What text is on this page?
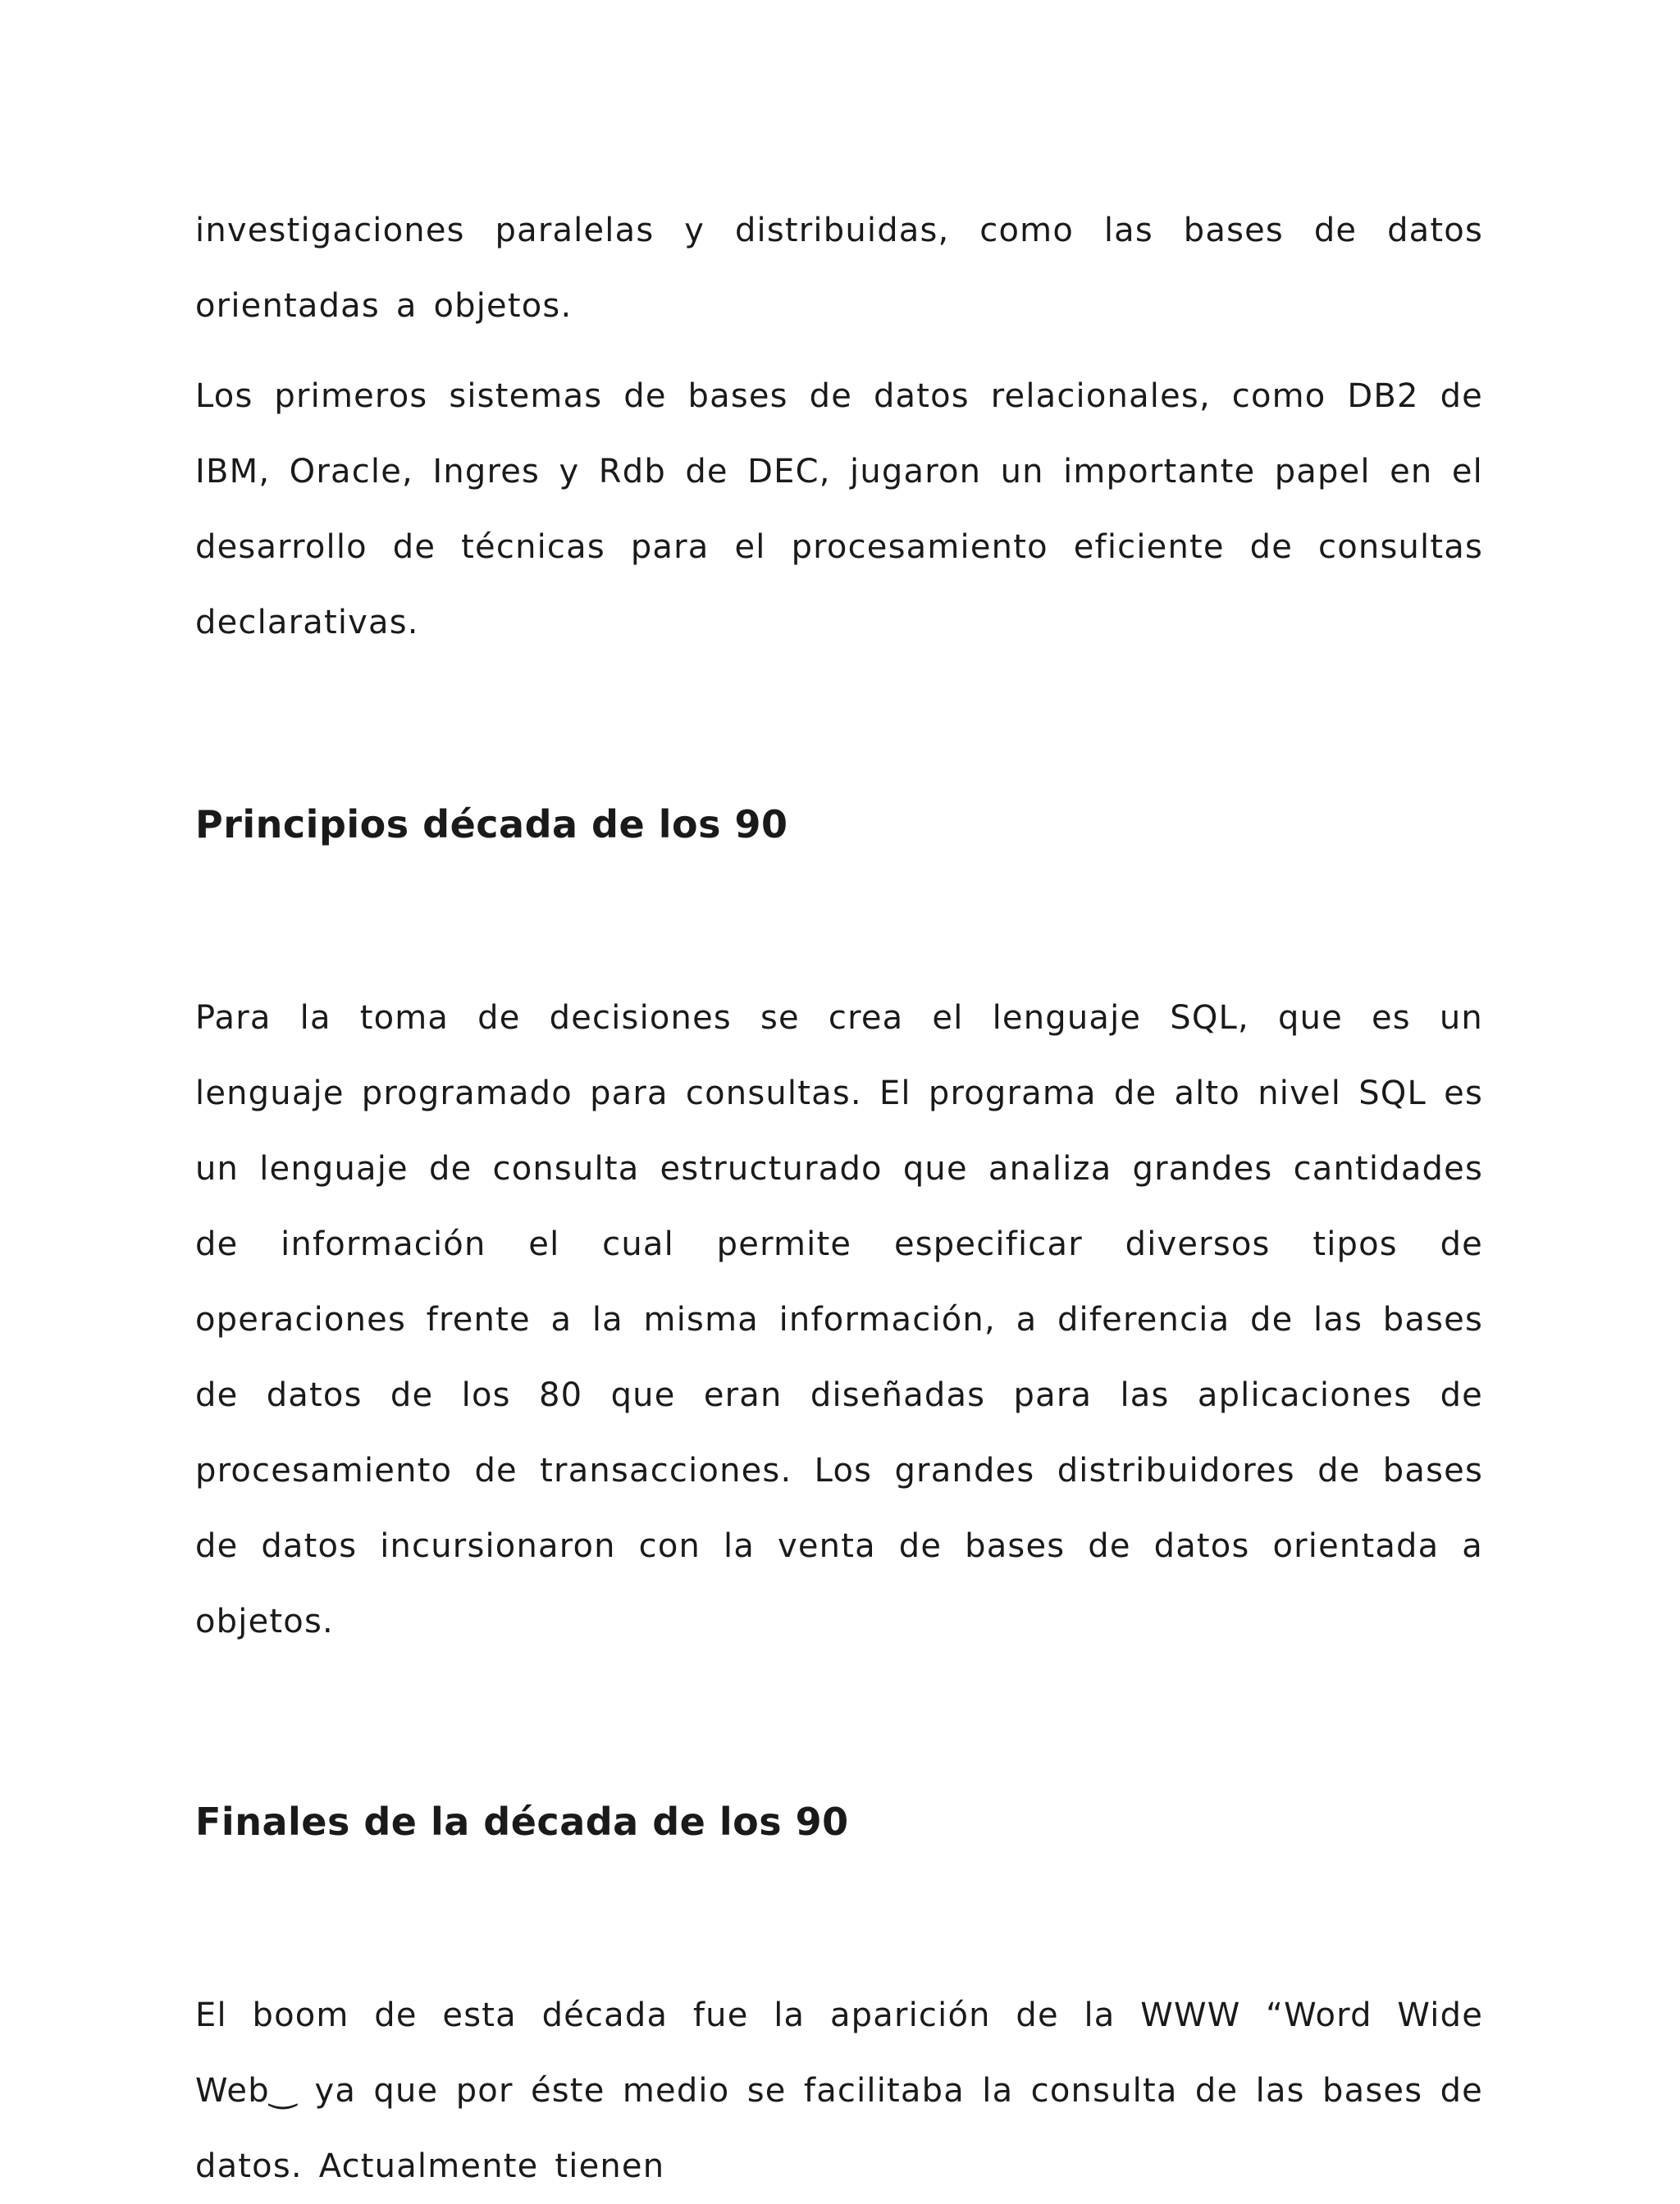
investigaciones paralelas y distribuidas, como las bases de datos orientadas a objetos.

Los primeros sistemas de bases de datos relacionales, como DB2 de IBM, Oracle, Ingres y Rdb de DEC, jugaron un importante papel en el desarrollo de técnicas para el procesamiento eficiente de consultas declarativas.

Principios década de los 90

Para la toma de decisiones se crea el lenguaje SQL, que es un lenguaje programado para consultas. El programa de alto nivel SQL es un lenguaje de consulta estructurado que analiza grandes cantidades de información el cual permite especificar diversos tipos de operaciones frente a la misma información, a diferencia de las bases de datos de los 80 que eran diseñadas para las aplicaciones de procesamiento de transacciones. Los grandes distribuidores de bases de datos incursionaron con la venta de bases de datos orientada a objetos.

Finales de la década de los 90

El boom de esta década fue la aparición de la WWW “Word Wide Web‿ ya que por éste medio se facilitaba la consulta de las bases de datos. Actualmente tienen
